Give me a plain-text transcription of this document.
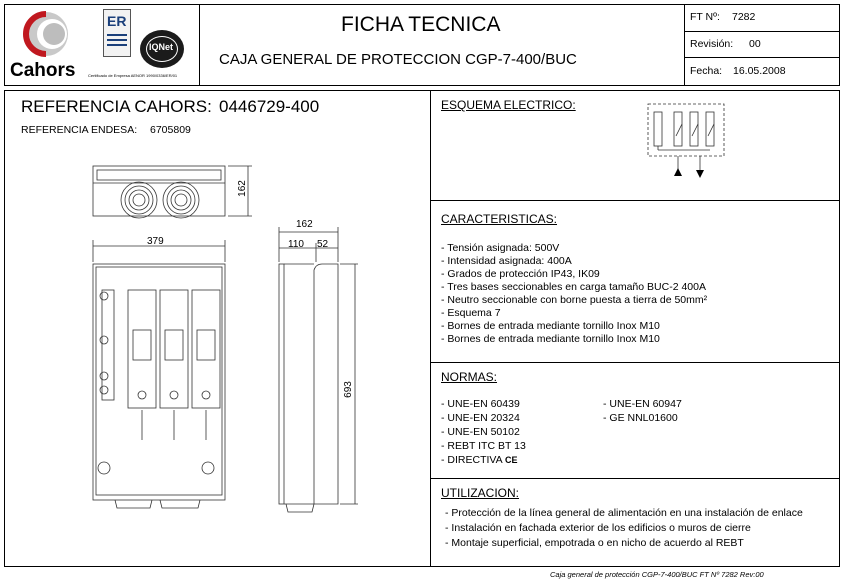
Cahors
ER
IQNet
Certificado de Empresa AENOR 1990/0336/ER/01
FICHA TECNICA
CAJA GENERAL DE PROTECCION CGP-7-400/BUC
FT Nº: 7282
Revisión: 00
Fecha: 16.05.2008
REFERENCIA CAHORS: 0446729-400
REFERENCIA ENDESA: 6705809
162
379
162
110 52
693
ESQUEMA ELECTRICO:
CARACTERISTICAS:
- Tensión asignada: 500V
- Intensidad asignada: 400A
- Grados de protección IP43, IK09
- Tres bases seccionables en carga tamaño BUC-2 400A
- Neutro seccionable con borne puesta a tierra de 50mm²
- Esquema 7
- Bornes de entrada mediante tornillo Inox M10
- Bornes de entrada mediante tornillo Inox M10
NORMAS:
- UNE-EN 60439
- UNE-EN 20324
- UNE-EN 50102
- REBT ITC BT 13
- DIRECTIVA CE
- UNE-EN 60947
- GE NNL01600
UTILIZACION:
- Protección de la línea general de alimentación en una instalación de enlace
- Instalación en fachada exterior de los edificios o muros de cierre
- Montaje superficial, empotrada o en nicho de acuerdo al REBT
Caja general de protección CGP-7-400/BUC FT Nº 7282 Rev:00
